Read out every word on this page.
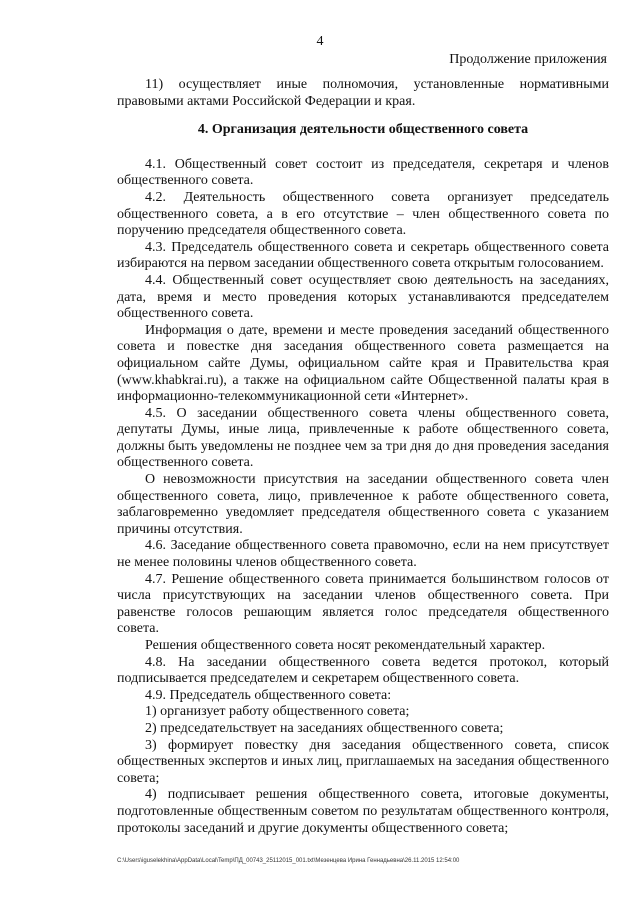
4
Продолжение приложения

11) осуществляет иные полномочия, установленные нормативными правовыми актами Российской Федерации и края.

4. Организация деятельности общественного совета

4.1. Общественный совет состоит из председателя, секретаря и членов общественного совета.

4.2. Деятельность общественного совета организует председатель общественного совета, а в его отсутствие – член общественного совета по поручению председателя общественного совета.

4.3. Председатель общественного совета и секретарь общественного совета избираются на первом заседании общественного совета открытым голосованием.

4.4. Общественный совет осуществляет свою деятельность на заседаниях, дата, время и место проведения которых устанавливаются председателем общественного совета.

Информация о дате, времени и месте проведения заседаний общественного совета и повестке дня заседания общественного совета размещается на официальном сайте Думы, официальном сайте края и Правительства края (www.khabkrai.ru), а также на официальном сайте Общественной палаты края в информационно-телекоммуникационной сети «Интернет».

4.5. О заседании общественного совета члены общественного совета, депутаты Думы, иные лица, привлеченные к работе общественного совета, должны быть уведомлены не позднее чем за три дня до дня проведения заседания общественного совета.

О невозможности присутствия на заседании общественного совета член общественного совета, лицо, привлеченное к работе общественного совета, заблаговременно уведомляет председателя общественного совета с указанием причины отсутствия.

4.6. Заседание общественного совета правомочно, если на нем присутствует не менее половины членов общественного совета.

4.7. Решение общественного совета принимается большинством голосов от числа присутствующих на заседании членов общественного совета. При равенстве голосов решающим является голос председателя общественного совета.

Решения общественного совета носят рекомендательный характер.

4.8. На заседании общественного совета ведется протокол, который подписывается председателем и секретарем общественного совета.

4.9. Председатель общественного совета:

1) организует работу общественного совета;

2) председательствует на заседаниях общественного совета;

3) формирует повестку дня заседания общественного совета, список общественных экспертов и иных лиц, приглашаемых на заседания общественного совета;

4) подписывает решения общественного совета, итоговые документы, подготовленные общественным советом по результатам общественного контроля, протоколы заседаний и другие документы общественного совета;

C:\Users\iguselekhina\AppData\Local\Temp\ПД_00743_25112015_001.txt\Мезенцева Ирина Геннадьевна\26.11.2015 12:54:00
